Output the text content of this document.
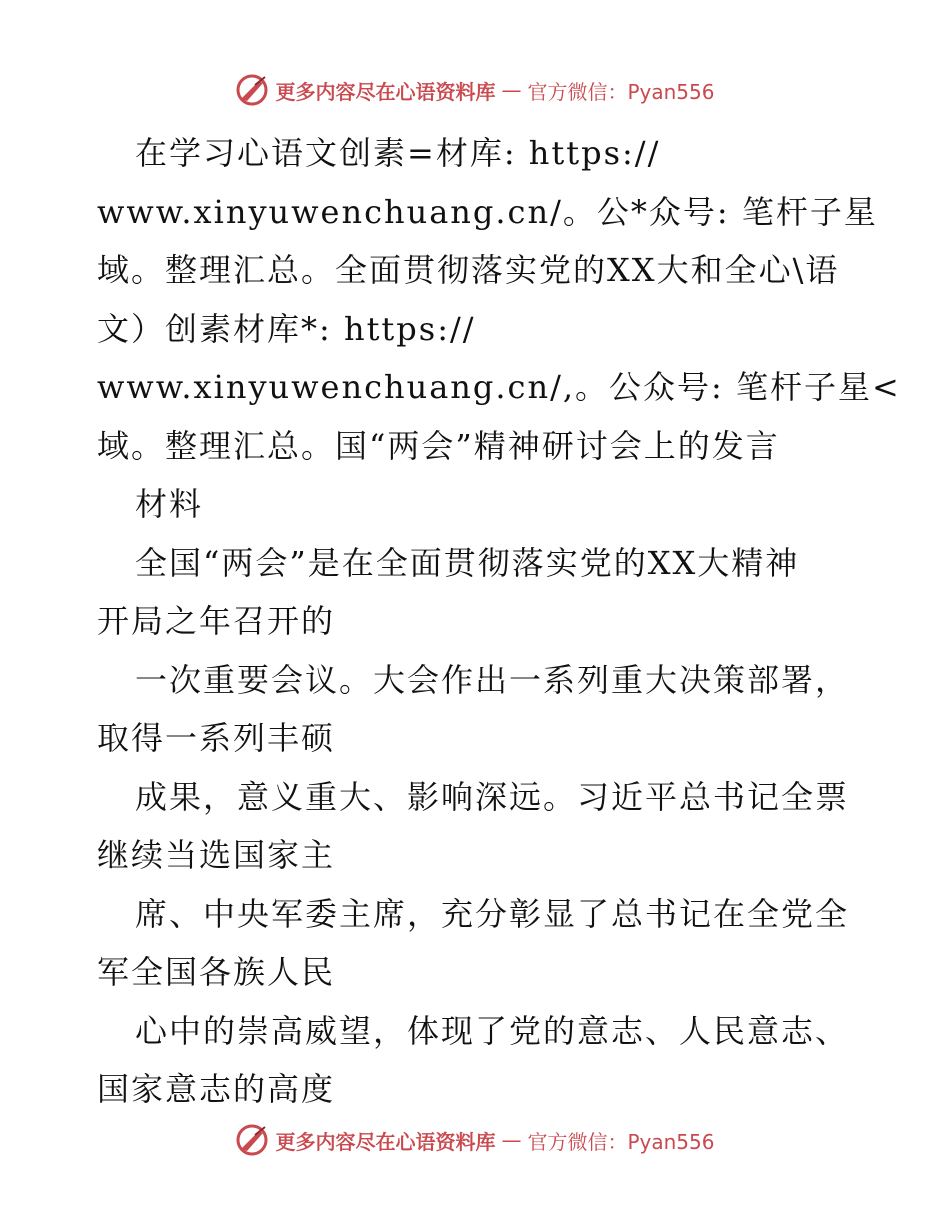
更多内容尽在心语资料库 — 官方微信：Pyan556
在学习心语文创素=材库: https://
www.xinyuwenchuang.cn/。公*众号: 笔杆子星
域。整理汇总。全面贯彻落实党的XX大和全心\语
文）创素材库*: https://
www.xinyuwenchuang.cn/,。公众号: 笔杆子星<
域。整理汇总。国“两会”精神研讨会上的发言
材料
全国“两会”是在全面贯彻落实党的XX大精神
开局之年召开的
一次重要会议。大会作出一系列重大决策部署，
取得一系列丰硕
成果，意义重大、影响深远。习近平总书记全票
继续当选国家主
席、中央军委主席，充分彰显了总书记在全党全
军全国各族人民
心中的崇高威望，体现了党的意志、人民意志、
国家意志的高度
更多内容尽在心语资料库 — 官方微信：Pyan556
